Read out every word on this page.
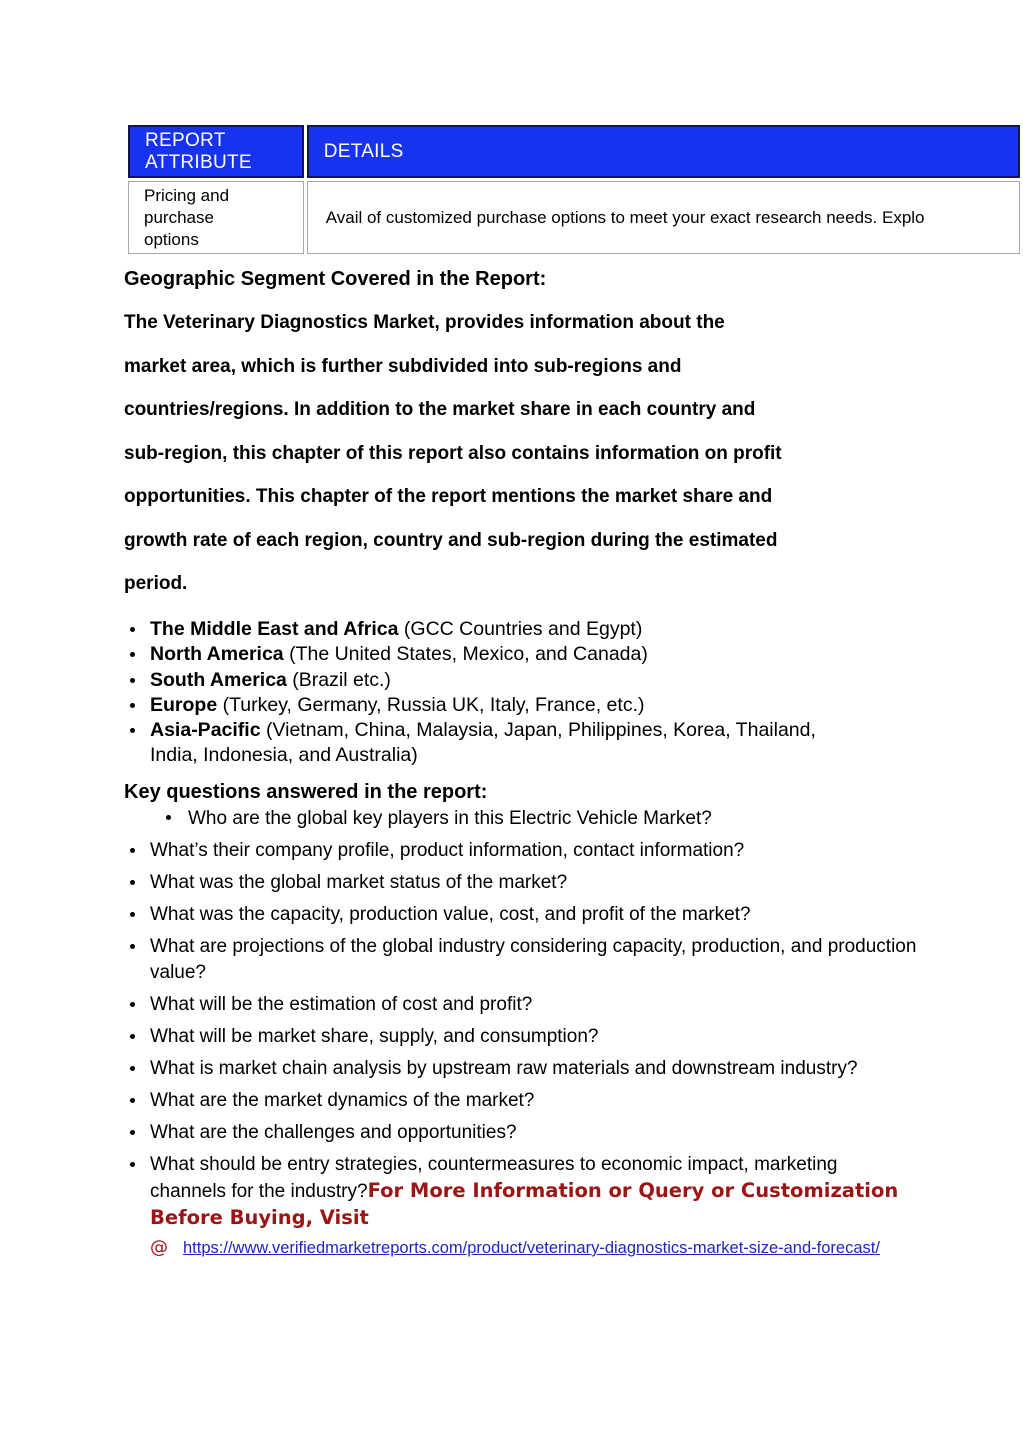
REPORT ATTRIBUTE	DETAILS
Pricing and purchase options	Avail of customized purchase options to meet your exact research needs. Explo
Geographic Segment Covered in the Report:
The Veterinary Diagnostics Market, provides information about the
market area, which is further subdivided into sub-regions and
countries/regions. In addition to the market share in each country and
sub-region, this chapter of this report also contains information on profit
opportunities. This chapter of the report mentions the market share and
growth rate of each region, country and sub-region during the estimated
period.
The Middle East and Africa (GCC Countries and Egypt)
North America (The United States, Mexico, and Canada)
South America (Brazil etc.)
Europe (Turkey, Germany, Russia UK, Italy, France, etc.)
Asia-Pacific (Vietnam, China, Malaysia, Japan, Philippines, Korea, Thailand, India, Indonesia, and Australia)
Key questions answered in the report:
Who are the global key players in this Electric Vehicle Market?
What’s their company profile, product information, contact information?
What was the global market status of the market?
What was the capacity, production value, cost, and profit of the market?
What are projections of the global industry considering capacity, production, and production value?
What will be the estimation of cost and profit?
What will be market share, supply, and consumption?
What is market chain analysis by upstream raw materials and downstream industry?
What are the market dynamics of the market?
What are the challenges and opportunities?
What should be entry strategies, countermeasures to economic impact, marketing channels for the industry?For More Information or Query or Customization Before Buying, Visit
@ https://www.verifiedmarketreports.com/product/veterinary-diagnostics-market-size-and-forecast/
